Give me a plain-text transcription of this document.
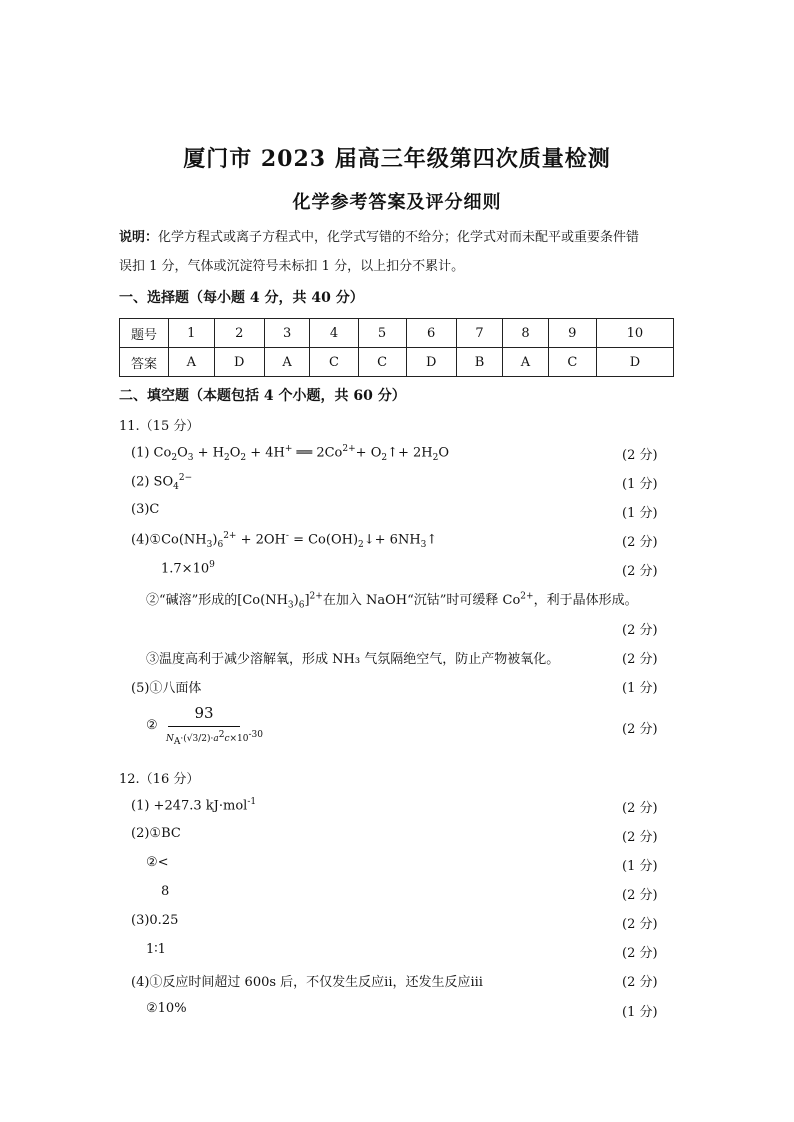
厦门市 2023 届高三年级第四次质量检测
化学参考答案及评分细则
说明：化学方程式或离子方程式中，化学式写错的不给分；化学式对而未配平或重要条件错
误扣 1 分，气体或沉淀符号未标扣 1 分，以上扣分不累计。
一、选择题（每小题 4 分，共 40 分）
题号	1	2	3	4	5	6	7	8	9	10
答案	A	D	A	C	C	D	B	A	C	D
二、填空题（本题包括 4 个小题，共 60 分）
11.（15 分）
(1) $Co_2O_3 + H_2O_2 + 4H^+$ ══ $2Co^{2+}+$ $O_2↑+ 2H_2O$	(2 分)
(2) $SO_4^{2-}$	(1 分)
(3)C	(1 分)
$(4)①Co(NH_3)_6^{2+} + 2OH^-$ = $Co(OH)_2↓+$ $6NH_3↑$	(2 分)
$1.7\times 10^9$	(2 分)
②“碱溶”形成的$[Co(NH_3)_6]^{2+}$在加入 NaOH“沉钴”时可缓释 $Co^{2+}$，利于晶体形成。
(2 分)
③温度高利于减少溶解氧，形成 NH₃ 气氛隔绝空气，防止产物被氧化。	(2 分)
(5)①八面体	(1 分)
②
93
$N_A\cdot(√3/2)\cdot a^2c\times 10^{-30}$	(2 分)
12.（16 分）
(1) +247.3 kJ·mol$^{-1}$	(2 分)
(2)①BC	(2 分)
②<	(1 分)
8	(2 分)
(3)0.25	(2 分)
1∶1	(2 分)
(4)①反应时间超过 600s 后，不仅发生反应ii，还发生反应iii	(2 分)
②10%	(1 分)
